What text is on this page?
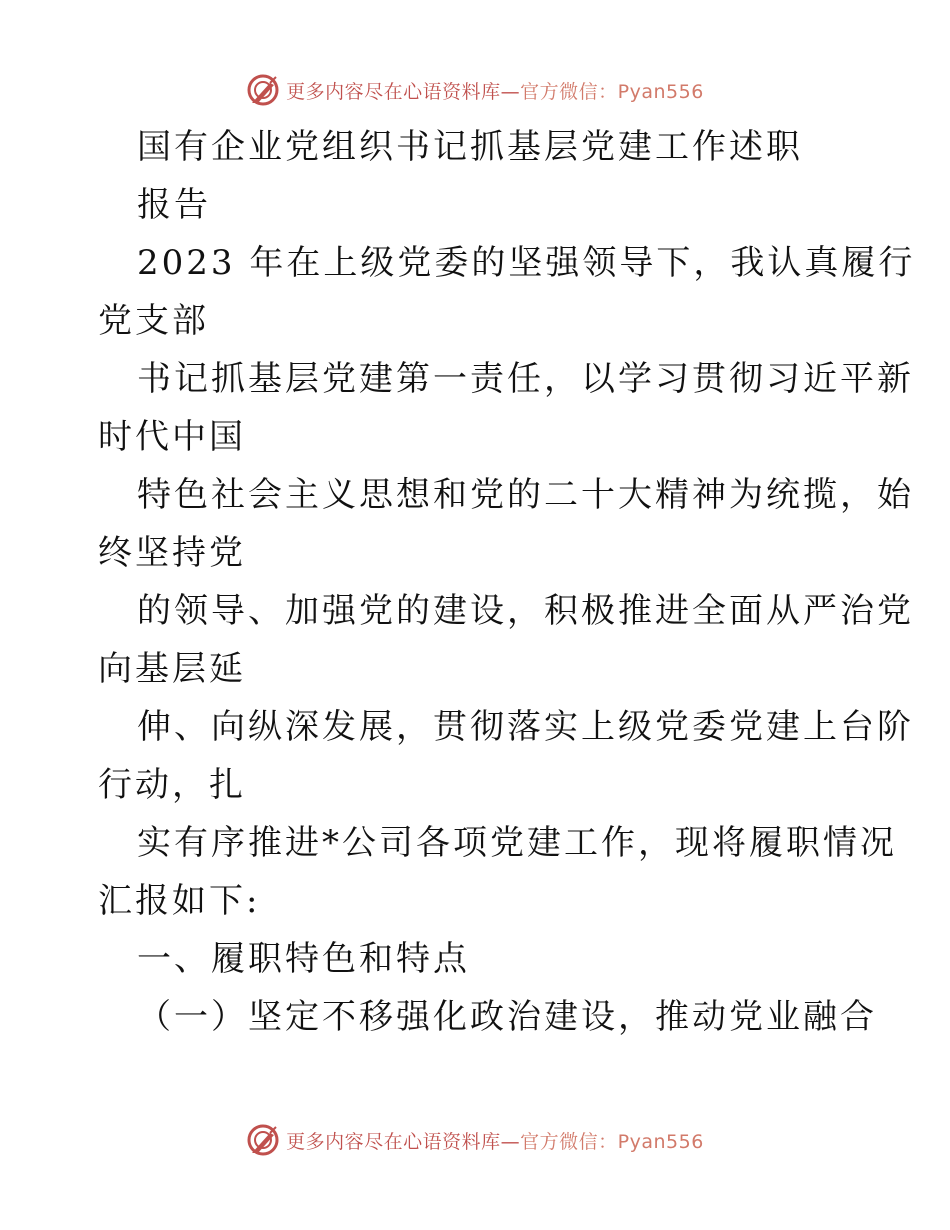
更多内容尽在心语资料库—官方微信：Pyan556
国有企业党组织书记抓基层党建工作述职
报告
2023 年在上级党委的坚强领导下，我认真履行
党支部
书记抓基层党建第一责任，以学习贯彻习近平新
时代中国
特色社会主义思想和党的二十大精神为统揽，始
终坚持党
的领导、加强党的建设，积极推进全面从严治党
向基层延
伸、向纵深发展，贯彻落实上级党委党建上台阶
行动，扎
实有序推进*公司各项党建工作，现将履职情况
汇报如下:
一、履职特色和特点
（一）坚定不移强化政治建设，推动党业融合
更多内容尽在心语资料库—官方微信：Pyan556
